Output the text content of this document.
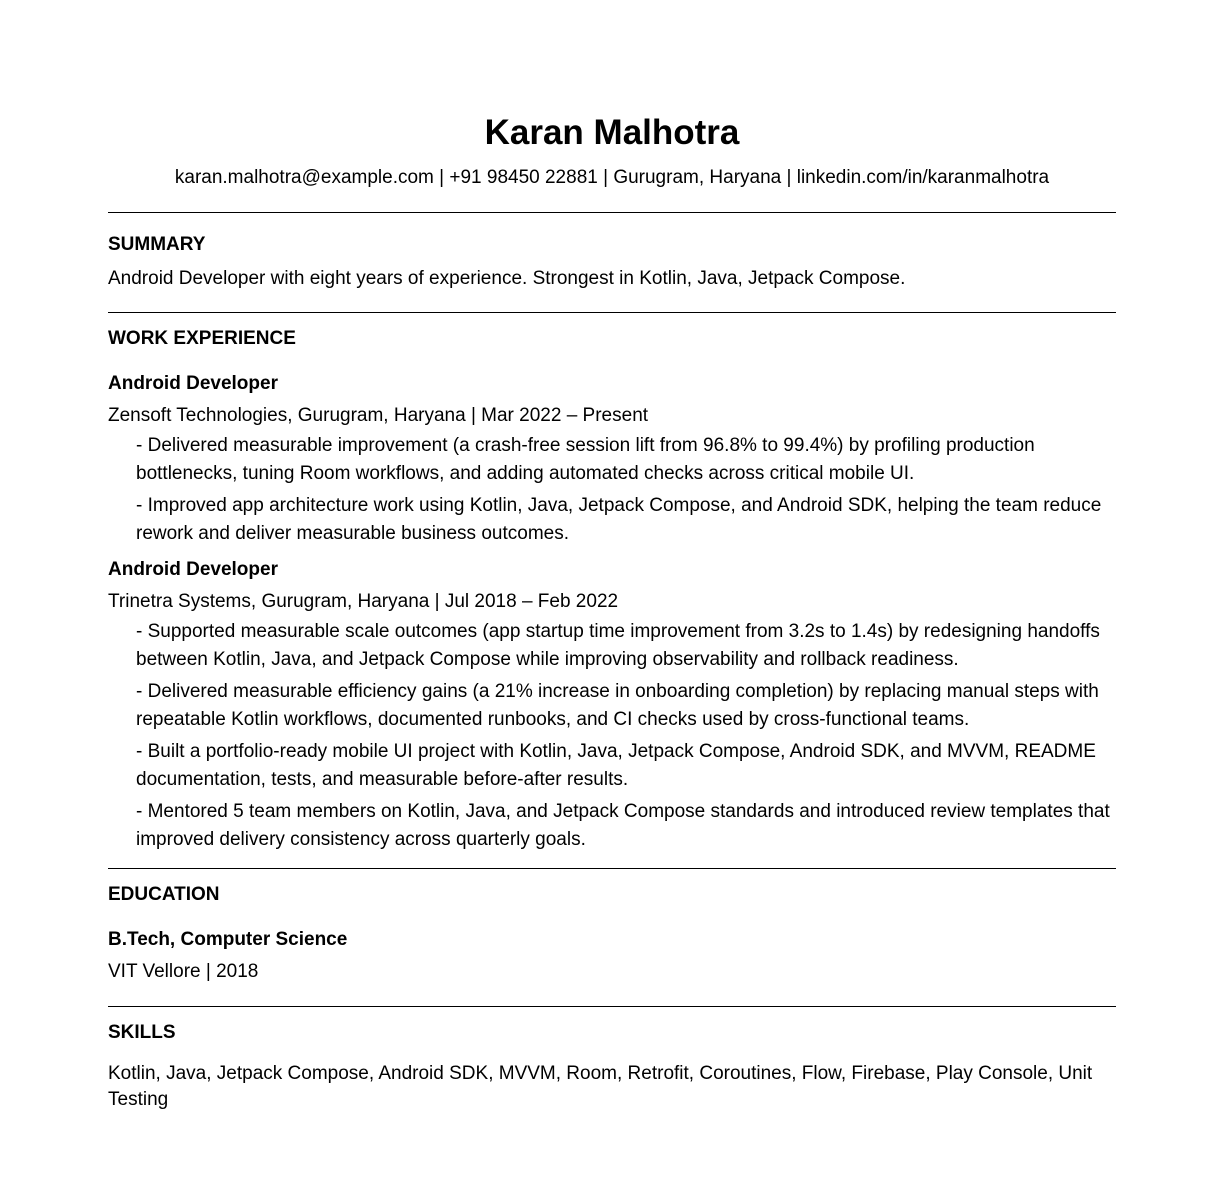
Karan Malhotra
karan.malhotra@example.com | +91 98450 22881 | Gurugram, Haryana | linkedin.com/in/karanmalhotra
SUMMARY
Android Developer with eight years of experience. Strongest in Kotlin, Java, Jetpack Compose.
WORK EXPERIENCE
Android Developer
Zensoft Technologies, Gurugram, Haryana | Mar 2022 – Present
- Delivered measurable improvement (a crash-free session lift from 96.8% to 99.4%) by profiling production bottlenecks, tuning Room workflows, and adding automated checks across critical mobile UI.
- Improved app architecture work using Kotlin, Java, Jetpack Compose, and Android SDK, helping the team reduce rework and deliver measurable business outcomes.
Android Developer
Trinetra Systems, Gurugram, Haryana | Jul 2018 – Feb 2022
- Supported measurable scale outcomes (app startup time improvement from 3.2s to 1.4s) by redesigning handoffs between Kotlin, Java, and Jetpack Compose while improving observability and rollback readiness.
- Delivered measurable efficiency gains (a 21% increase in onboarding completion) by replacing manual steps with repeatable Kotlin workflows, documented runbooks, and CI checks used by cross-functional teams.
- Built a portfolio-ready mobile UI project with Kotlin, Java, Jetpack Compose, Android SDK, and MVVM, README documentation, tests, and measurable before-after results.
- Mentored 5 team members on Kotlin, Java, and Jetpack Compose standards and introduced review templates that improved delivery consistency across quarterly goals.
EDUCATION
B.Tech, Computer Science
VIT Vellore | 2018
SKILLS
Kotlin, Java, Jetpack Compose, Android SDK, MVVM, Room, Retrofit, Coroutines, Flow, Firebase, Play Console, Unit Testing
